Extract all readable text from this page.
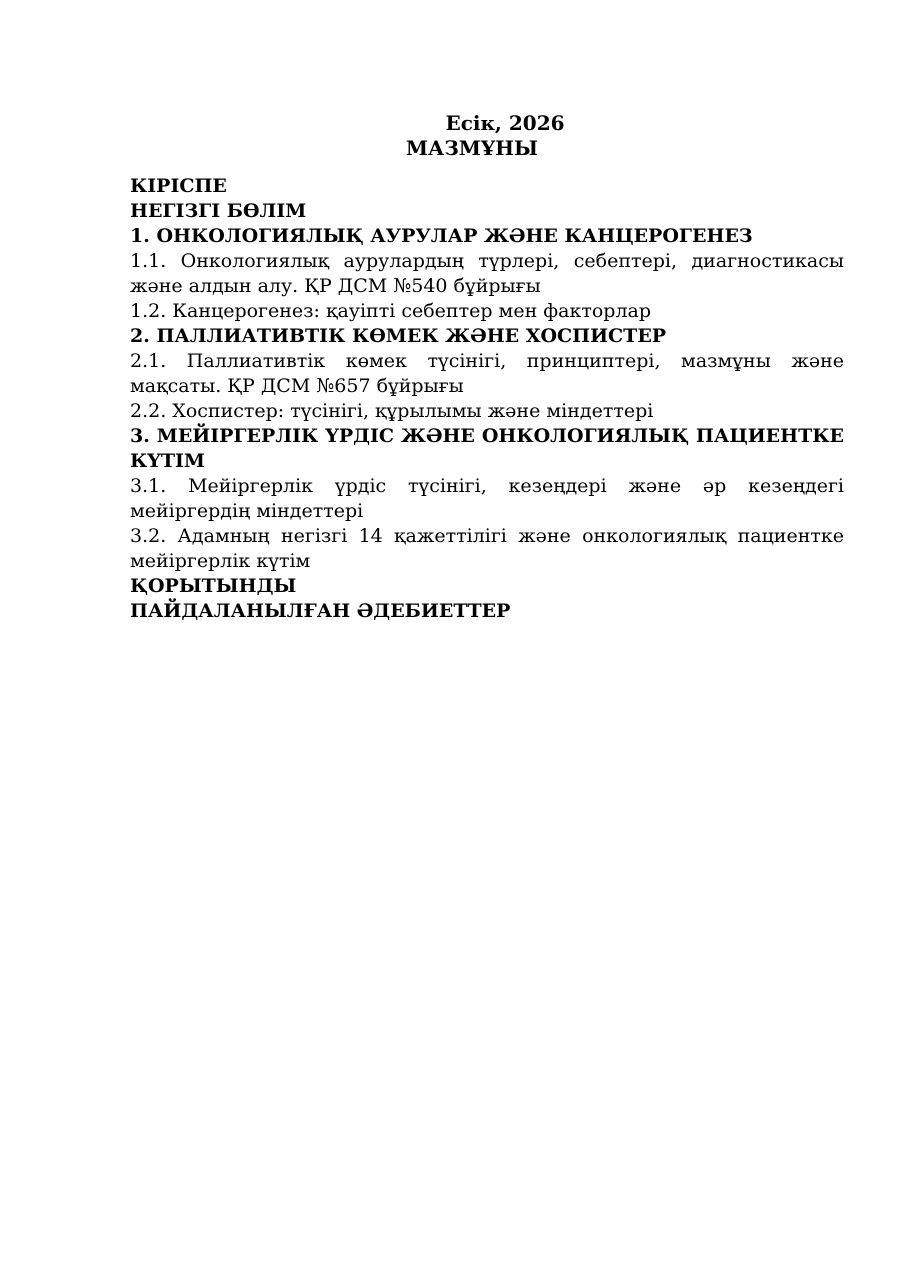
Есік, 2026
МАЗМҰНЫ
КІРІСПЕ
НЕГІЗГІ БӨЛІМ
1. ОНКОЛОГИЯЛЫҚ АУРУЛАР ЖӘНЕ КАНЦЕРОГЕНЕЗ
1.1. Онкологиялық аурулардың түрлері, себептері, диагностикасы және алдын алу. ҚР ДСМ №540 бұйрығы
1.2. Канцерогенез: қауіпті себептер мен факторлар
2. ПАЛЛИАТИВТІК КӨМЕК ЖӘНЕ ХОСПИСТЕР
2.1. Паллиативтік көмек түсінігі, принциптері, мазмұны және мақсаты. ҚР ДСМ №657 бұйрығы
2.2. Хоспистер: түсінігі, құрылымы және міндеттері
3. МЕЙІРГЕРЛІК ҮРДІС ЖӘНЕ ОНКОЛОГИЯЛЫҚ ПАЦИЕНТКЕ КҮТІМ
3.1. Мейіргерлік үрдіс түсінігі, кезеңдері және әр кезеңдегі мейіргердің міндеттері
3.2. Адамның негізгі 14 қажеттілігі және онкологиялық пациентке мейіргерлік күтім
ҚОРЫТЫНДЫ
ПАЙДАЛАНЫЛҒАН ӘДЕБИЕТТЕР
